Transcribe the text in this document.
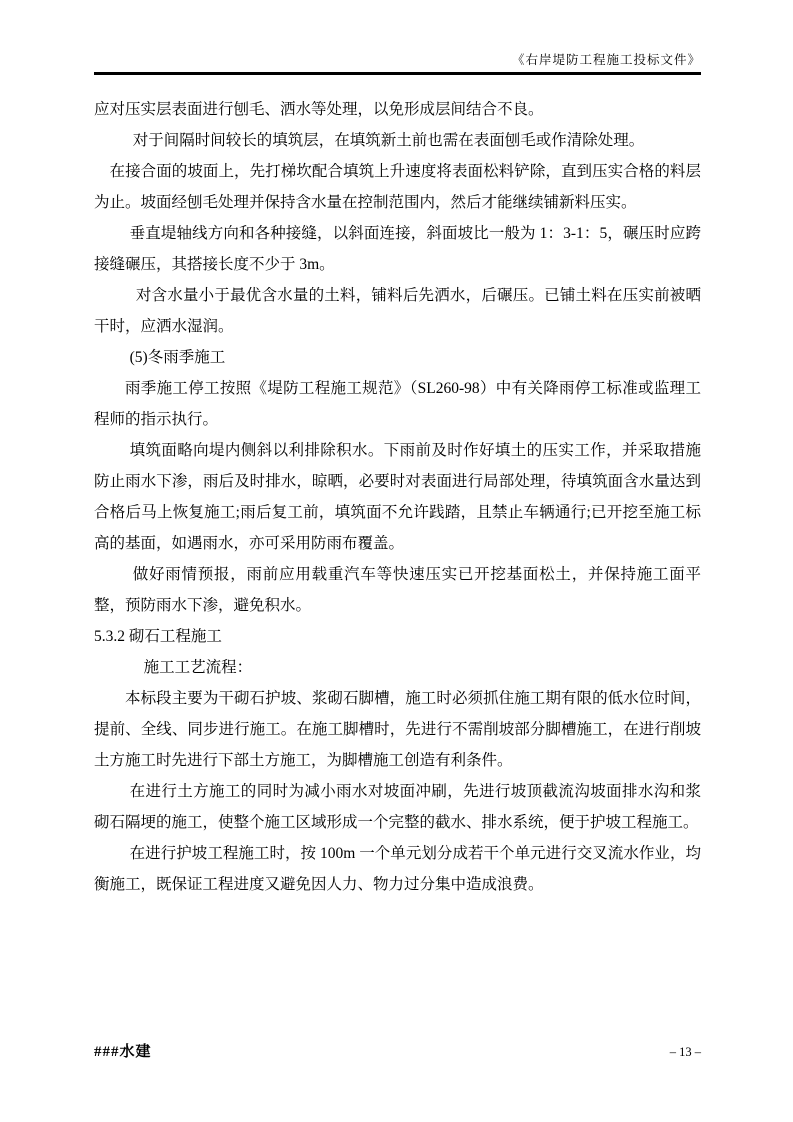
《右岸堤防工程施工投标文件》

应对压实层表面进行刨毛、洒水等处理，以免形成层间结合不良。

对于间隔时间较长的填筑层，在填筑新土前也需在表面刨毛或作清除处理。

在接合面的坡面上，先打梯坎配合填筑上升速度将表面松料铲除，直到压实合格的料层为止。坡面经刨毛处理并保持含水量在控制范围内，然后才能继续铺新料压实。

垂直堤轴线方向和各种接缝，以斜面连接，斜面坡比一般为 1：3-1：5，碾压时应跨接缝碾压，其搭接长度不少于 3m。

对含水量小于最优含水量的土料，铺料后先洒水，后碾压。已铺土料在压实前被晒干时，应洒水湿润。

(5)冬雨季施工

雨季施工停工按照《堤防工程施工规范》（SL260-98）中有关降雨停工标准或监理工程师的指示执行。

填筑面略向堤内侧斜以利排除积水。下雨前及时作好填土的压实工作，并采取措施防止雨水下渗，雨后及时排水，晾晒，必要时对表面进行局部处理，待填筑面含水量达到合格后马上恢复施工;雨后复工前，填筑面不允许践踏，且禁止车辆通行;已开挖至施工标高的基面，如遇雨水，亦可采用防雨布覆盖。

做好雨情预报，雨前应用载重汽车等快速压实已开挖基面松土，并保持施工面平整，预防雨水下渗，避免积水。

5.3.2 砌石工程施工

施工工艺流程：

本标段主要为干砌石护坡、浆砌石脚槽，施工时必须抓住施工期有限的低水位时间，提前、全线、同步进行施工。在施工脚槽时，先进行不需削坡部分脚槽施工，在进行削坡土方施工时先进行下部土方施工，为脚槽施工创造有利条件。

在进行土方施工的同时为减小雨水对坡面冲刷，先进行坡顶截流沟坡面排水沟和浆砌石隔埂的施工，使整个施工区域形成一个完整的截水、排水系统，便于护坡工程施工。

在进行护坡工程施工时，按 100m 一个单元划分成若干个单元进行交叉流水作业，均衡施工，既保证工程进度又避免因人力、物力过分集中造成浪费。

###水建	– 13 –
